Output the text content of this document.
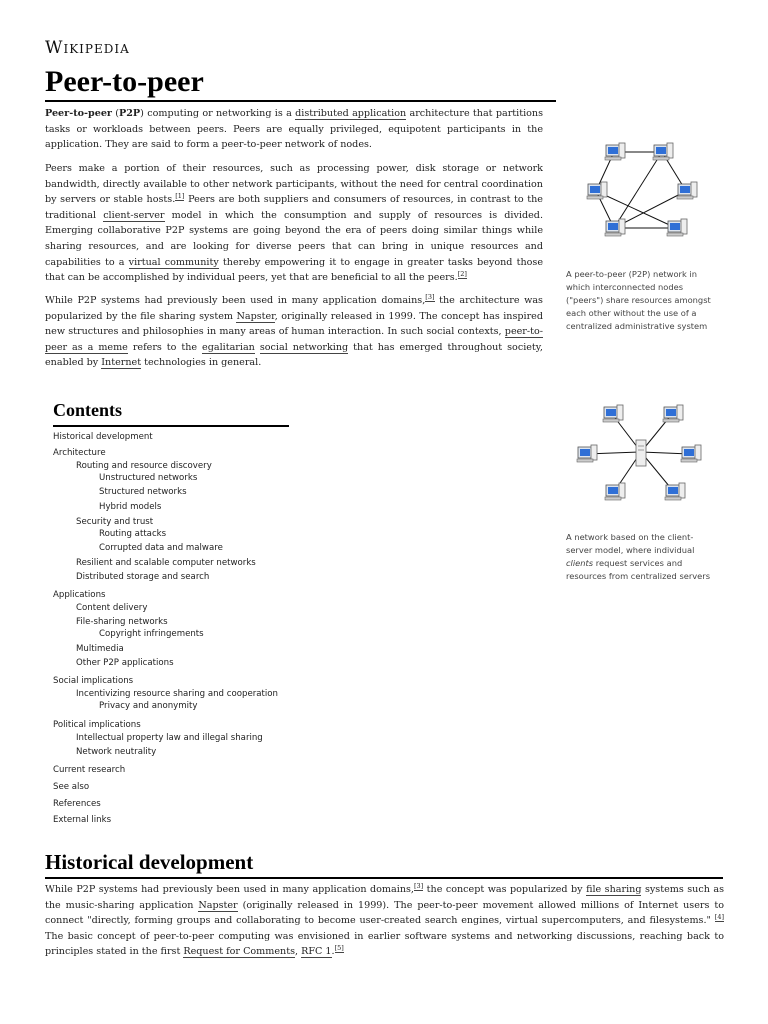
Wikipedia
Peer-to-peer

Peer-to-peer (P2P) computing or networking is a distributed application architecture that partitions tasks or workloads between peers. Peers are equally privileged, equipotent participants in the application. They are said to form a peer-to-peer network of nodes.

Peers make a portion of their resources, such as processing power, disk storage or network bandwidth, directly available to other network participants, without the need for central coordination by servers or stable hosts.[1] Peers are both suppliers and consumers of resources, in contrast to the traditional client-server model in which the consumption and supply of resources is divided. Emerging collaborative P2P systems are going beyond the era of peers doing similar things while sharing resources, and are looking for diverse peers that can bring in unique resources and capabilities to a virtual community thereby empowering it to engage in greater tasks beyond those that can be accomplished by individual peers, yet that are beneficial to all the peers.[2]

While P2P systems had previously been used in many application domains,[3] the architecture was popularized by the file sharing system Napster, originally released in 1999. The concept has inspired new structures and philosophies in many areas of human interaction. In such social contexts, peer-to-peer as a meme refers to the egalitarian social networking that has emerged throughout society, enabled by Internet technologies in general.

A peer-to-peer (P2P) network in which interconnected nodes ("peers") share resources amongst each other without the use of a centralized administrative system
A network based on the client-server model, where individual clients request services and resources from centralized servers
Contents
Historical development
Architecture
Routing and resource discovery
Unstructured networks
Structured networks
Hybrid models
Security and trust
Routing attacks
Corrupted data and malware
Resilient and scalable computer networks
Distributed storage and search
Applications
Content delivery
File-sharing networks
Copyright infringements
Multimedia
Other P2P applications
Social implications
Incentivizing resource sharing and cooperation
Privacy and anonymity
Political implications
Intellectual property law and illegal sharing
Network neutrality
Current research
See also
References
External links
Historical development

While P2P systems had previously been used in many application domains,[3] the concept was popularized by file sharing systems such as the music-sharing application Napster (originally released in 1999). The peer-to-peer movement allowed millions of Internet users to connect "directly, forming groups and collaborating to become user-created search engines, virtual supercomputers, and filesystems." [4] The basic concept of peer-to-peer computing was envisioned in earlier software systems and networking discussions, reaching back to principles stated in the first Request for Comments, RFC 1.[5]
